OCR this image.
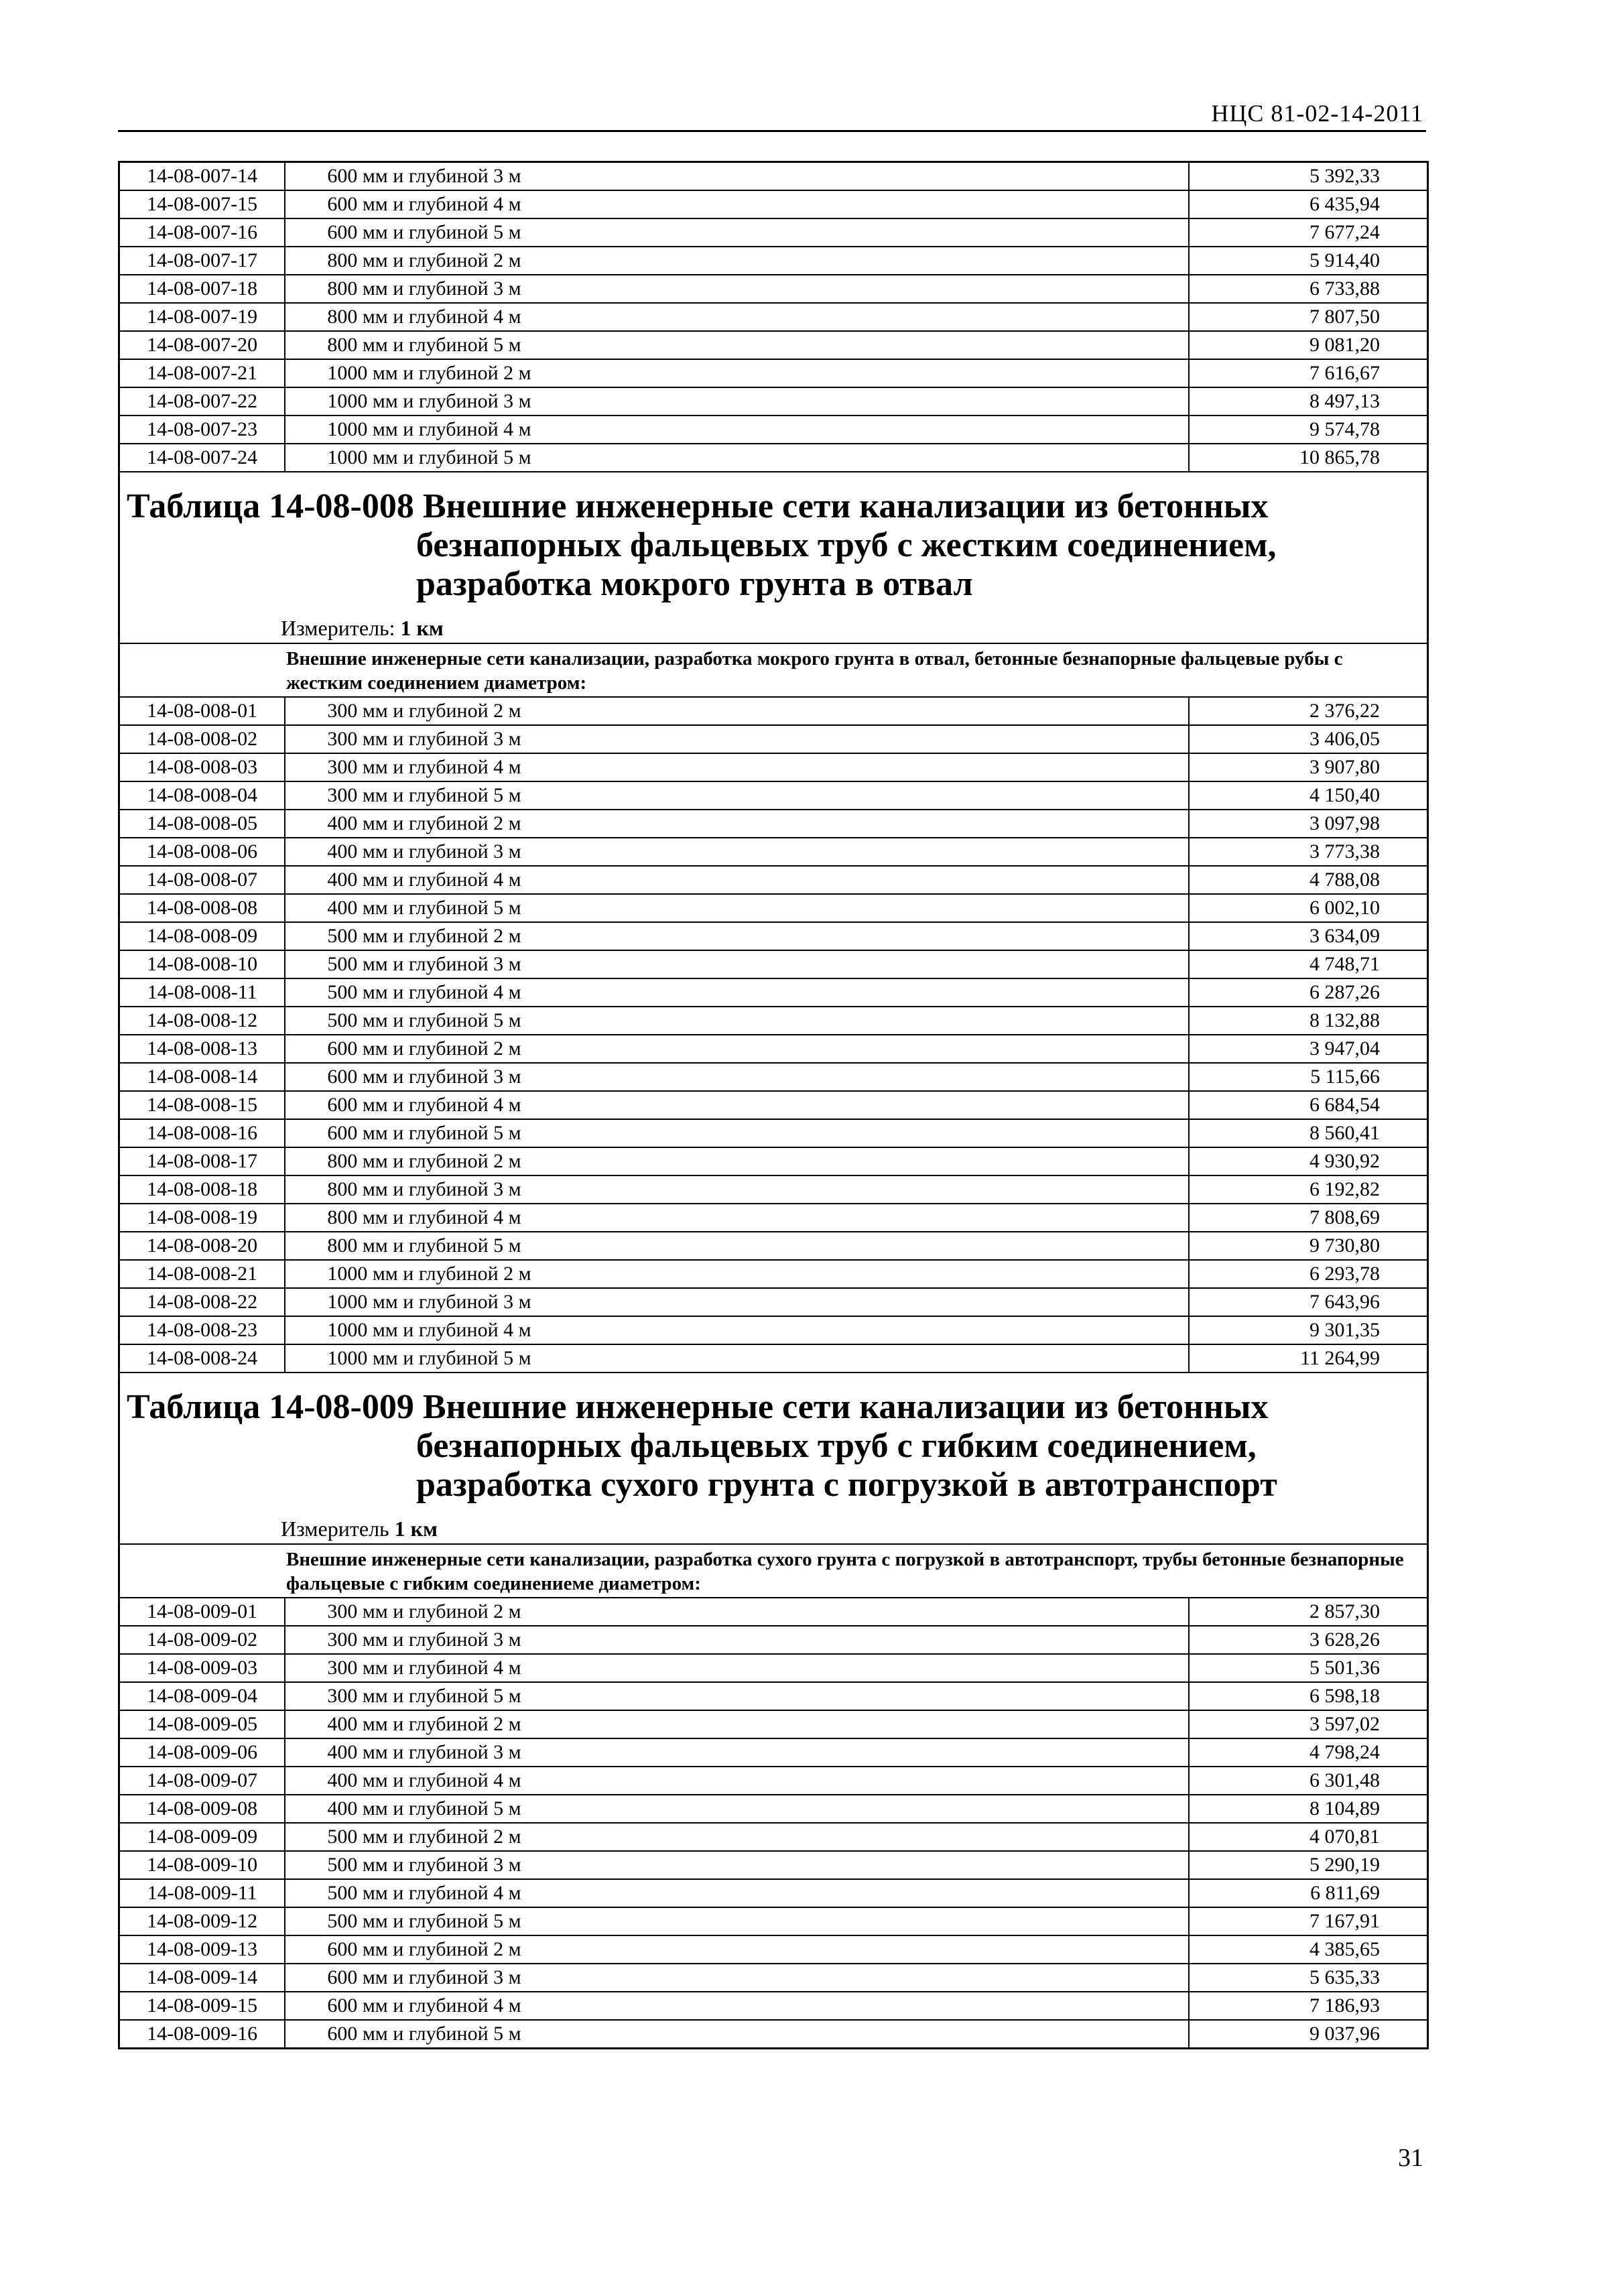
НЦС 81-02-14-2011
14-08-007-14	600 мм и глубиной 3 м	5 392,33
14-08-007-15	600 мм и глубиной 4 м	6 435,94
14-08-007-16	600 мм и глубиной 5 м	7 677,24
14-08-007-17	800 мм и глубиной 2 м	5 914,40
14-08-007-18	800 мм и глубиной 3 м	6 733,88
14-08-007-19	800 мм и глубиной 4 м	7 807,50
14-08-007-20	800 мм и глубиной 5 м	9 081,20
14-08-007-21	1000 мм и глубиной 2 м	7 616,67
14-08-007-22	1000 мм и глубиной 3 м	8 497,13
14-08-007-23	1000 мм и глубиной 4 м	9 574,78
14-08-007-24	1000 мм и глубиной 5 м	10 865,78

Таблица 14-08-008 Внешние инженерные сети канализации из бетонных безнапорных фальцевых труб с жестким соединением, разработка мокрого грунта в отвал		

Измеритель: 1 км		
Внешние инженерные сети канализации, разработка мокрого грунта в отвал, бетонные безнапорные фальцевые рубы с жестким соединением диаметром:		
14-08-008-01	300 мм и глубиной 2 м	2 376,22
14-08-008-02	300 мм и глубиной 3 м	3 406,05
14-08-008-03	300 мм и глубиной 4 м	3 907,80
14-08-008-04	300 мм и глубиной 5 м	4 150,40
14-08-008-05	400 мм и глубиной 2 м	3 097,98
14-08-008-06	400 мм и глубиной 3 м	3 773,38
14-08-008-07	400 мм и глубиной 4 м	4 788,08
14-08-008-08	400 мм и глубиной 5 м	6 002,10
14-08-008-09	500 мм и глубиной 2 м	3 634,09
14-08-008-10	500 мм и глубиной 3 м	4 748,71
14-08-008-11	500 мм и глубиной 4 м	6 287,26
14-08-008-12	500 мм и глубиной 5 м	8 132,88
14-08-008-13	600 мм и глубиной 2 м	3 947,04
14-08-008-14	600 мм и глубиной 3 м	5 115,66
14-08-008-15	600 мм и глубиной 4 м	6 684,54
14-08-008-16	600 мм и глубиной 5 м	8 560,41
14-08-008-17	800 мм и глубиной 2 м	4 930,92
14-08-008-18	800 мм и глубиной 3 м	6 192,82
14-08-008-19	800 мм и глубиной 4 м	7 808,69
14-08-008-20	800 мм и глубиной 5 м	9 730,80
14-08-008-21	1000 мм и глубиной 2 м	6 293,78
14-08-008-22	1000 мм и глубиной 3 м	7 643,96
14-08-008-23	1000 мм и глубиной 4 м	9 301,35
14-08-008-24	1000 мм и глубиной 5 м	11 264,99

Таблица 14-08-009 Внешние инженерные сети канализации из бетонных безнапорных фальцевых труб с гибким соединением, разработка сухого грунта с погрузкой в автотранспорт		

Измеритель 1 км		
Внешние инженерные сети канализации, разработка сухого грунта с погрузкой в автотранспорт, трубы бетонные безнапорные фальцевые с гибким соединениеме диаметром:		
14-08-009-01	300 мм и глубиной 2 м	2 857,30
14-08-009-02	300 мм и глубиной 3 м	3 628,26
14-08-009-03	300 мм и глубиной 4 м	5 501,36
14-08-009-04	300 мм и глубиной 5 м	6 598,18
14-08-009-05	400 мм и глубиной 2 м	3 597,02
14-08-009-06	400 мм и глубиной 3 м	4 798,24
14-08-009-07	400 мм и глубиной 4 м	6 301,48
14-08-009-08	400 мм и глубиной 5 м	8 104,89
14-08-009-09	500 мм и глубиной 2 м	4 070,81
14-08-009-10	500 мм и глубиной 3 м	5 290,19
14-08-009-11	500 мм и глубиной 4 м	6 811,69
14-08-009-12	500 мм и глубиной 5 м	7 167,91
14-08-009-13	600 мм и глубиной 2 м	4 385,65
14-08-009-14	600 мм и глубиной 3 м	5 635,33
14-08-009-15	600 мм и глубиной 4 м	7 186,93
14-08-009-16	600 мм и глубиной 5 м	9 037,96
31
